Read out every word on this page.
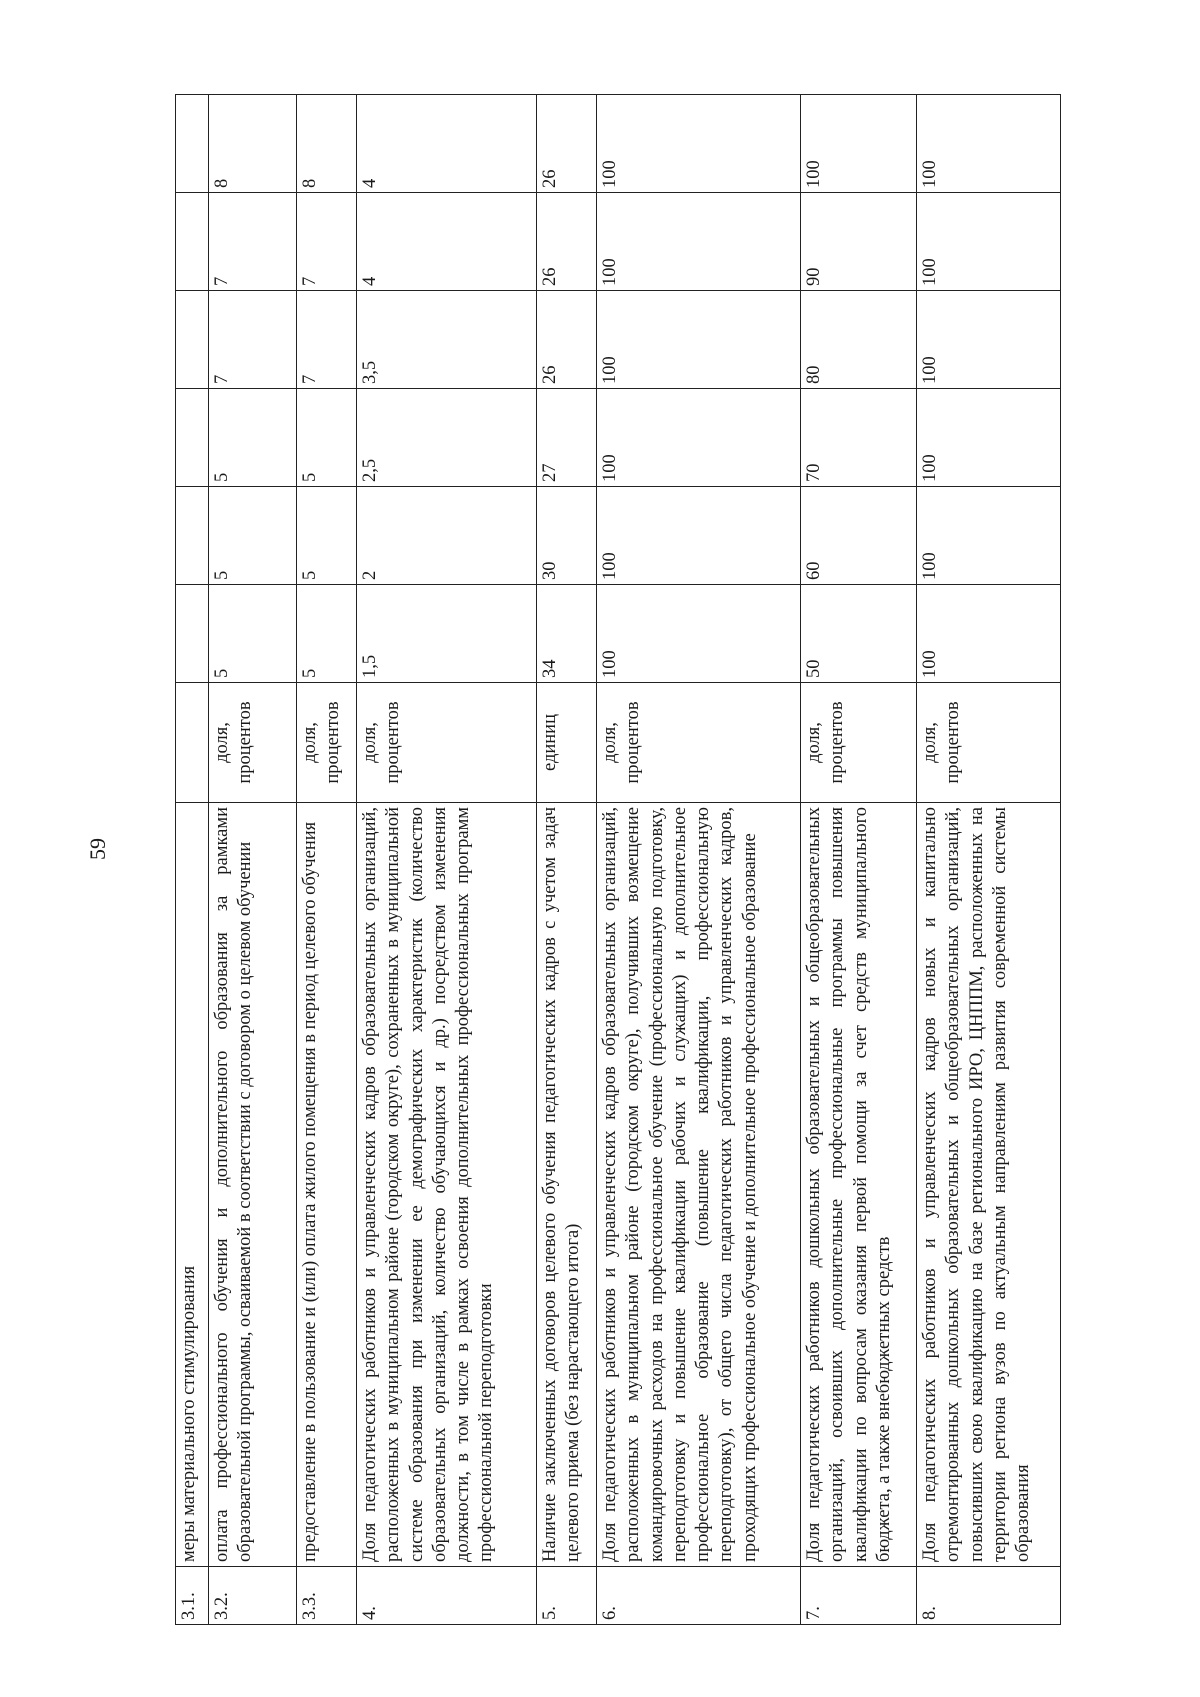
59
3.1.	меры материального стимулирования							
3.2.	оплата профессионального обучения и дополнительного образования за рамками образовательной программы, осваиваемой в соответствии с договором о целевом обучении	доля, процентов	5	5	5	7	7	8
3.3.	предоставление в пользование и (или) оплата жилого помещения в период целевого обучения	доля, процентов	5	5	5	7	7	8
4.	Доля педагогических работников и управленческих кадров образовательных организаций, расположенных в муниципальном районе (городском округе), сохраненных в муниципальной системе образования при изменении ее демографических характеристик (количество образовательных организаций, количество обучающихся и др.) посредством изменения должности, в том числе в рамках освоения дополнительных профессиональных программ профессиональной переподготовки	доля, процентов	1,5	2	2,5	3,5	4	4
5.	Наличие заключенных договоров целевого обучения педагогических кадров с учетом задач целевого приема (без нарастающего итога)	единиц	34	30	27	26	26	26
6.	Доля педагогических работников и управленческих кадров образовательных организаций, расположенных в муниципальном районе (городском округе), получивших возмещение командировочных расходов на профессиональное обучение (профессиональную подготовку, переподготовку и повышение квалификации рабочих и служащих) и дополнительное профессиональное образование (повышение квалификации, профессиональную переподготовку), от общего числа педагогических работников и управленческих кадров, проходящих профессиональное обучение и дополнительное профессиональное образование	доля, процентов	100	100	100	100	100	100
7.	Доля педагогических работников дошкольных образовательных и общеобразовательных организаций, освоивших дополнительные профессиональные программы повышения квалификации по вопросам оказания первой помощи за счет средств муниципального бюджета, а также внебюджетных средств	доля, процентов	50	60	70	80	90	100
8.	Доля педагогических работников и управленческих кадров новых и капитально отремонтированных дошкольных образовательных и общеобразовательных организаций, повысивших свою квалификацию на базе регионального ИРО, ЦНППМ, расположенных на территории региона вузов по актуальным направлениям развития современной системы образования	доля, процентов	100	100	100	100	100	100
